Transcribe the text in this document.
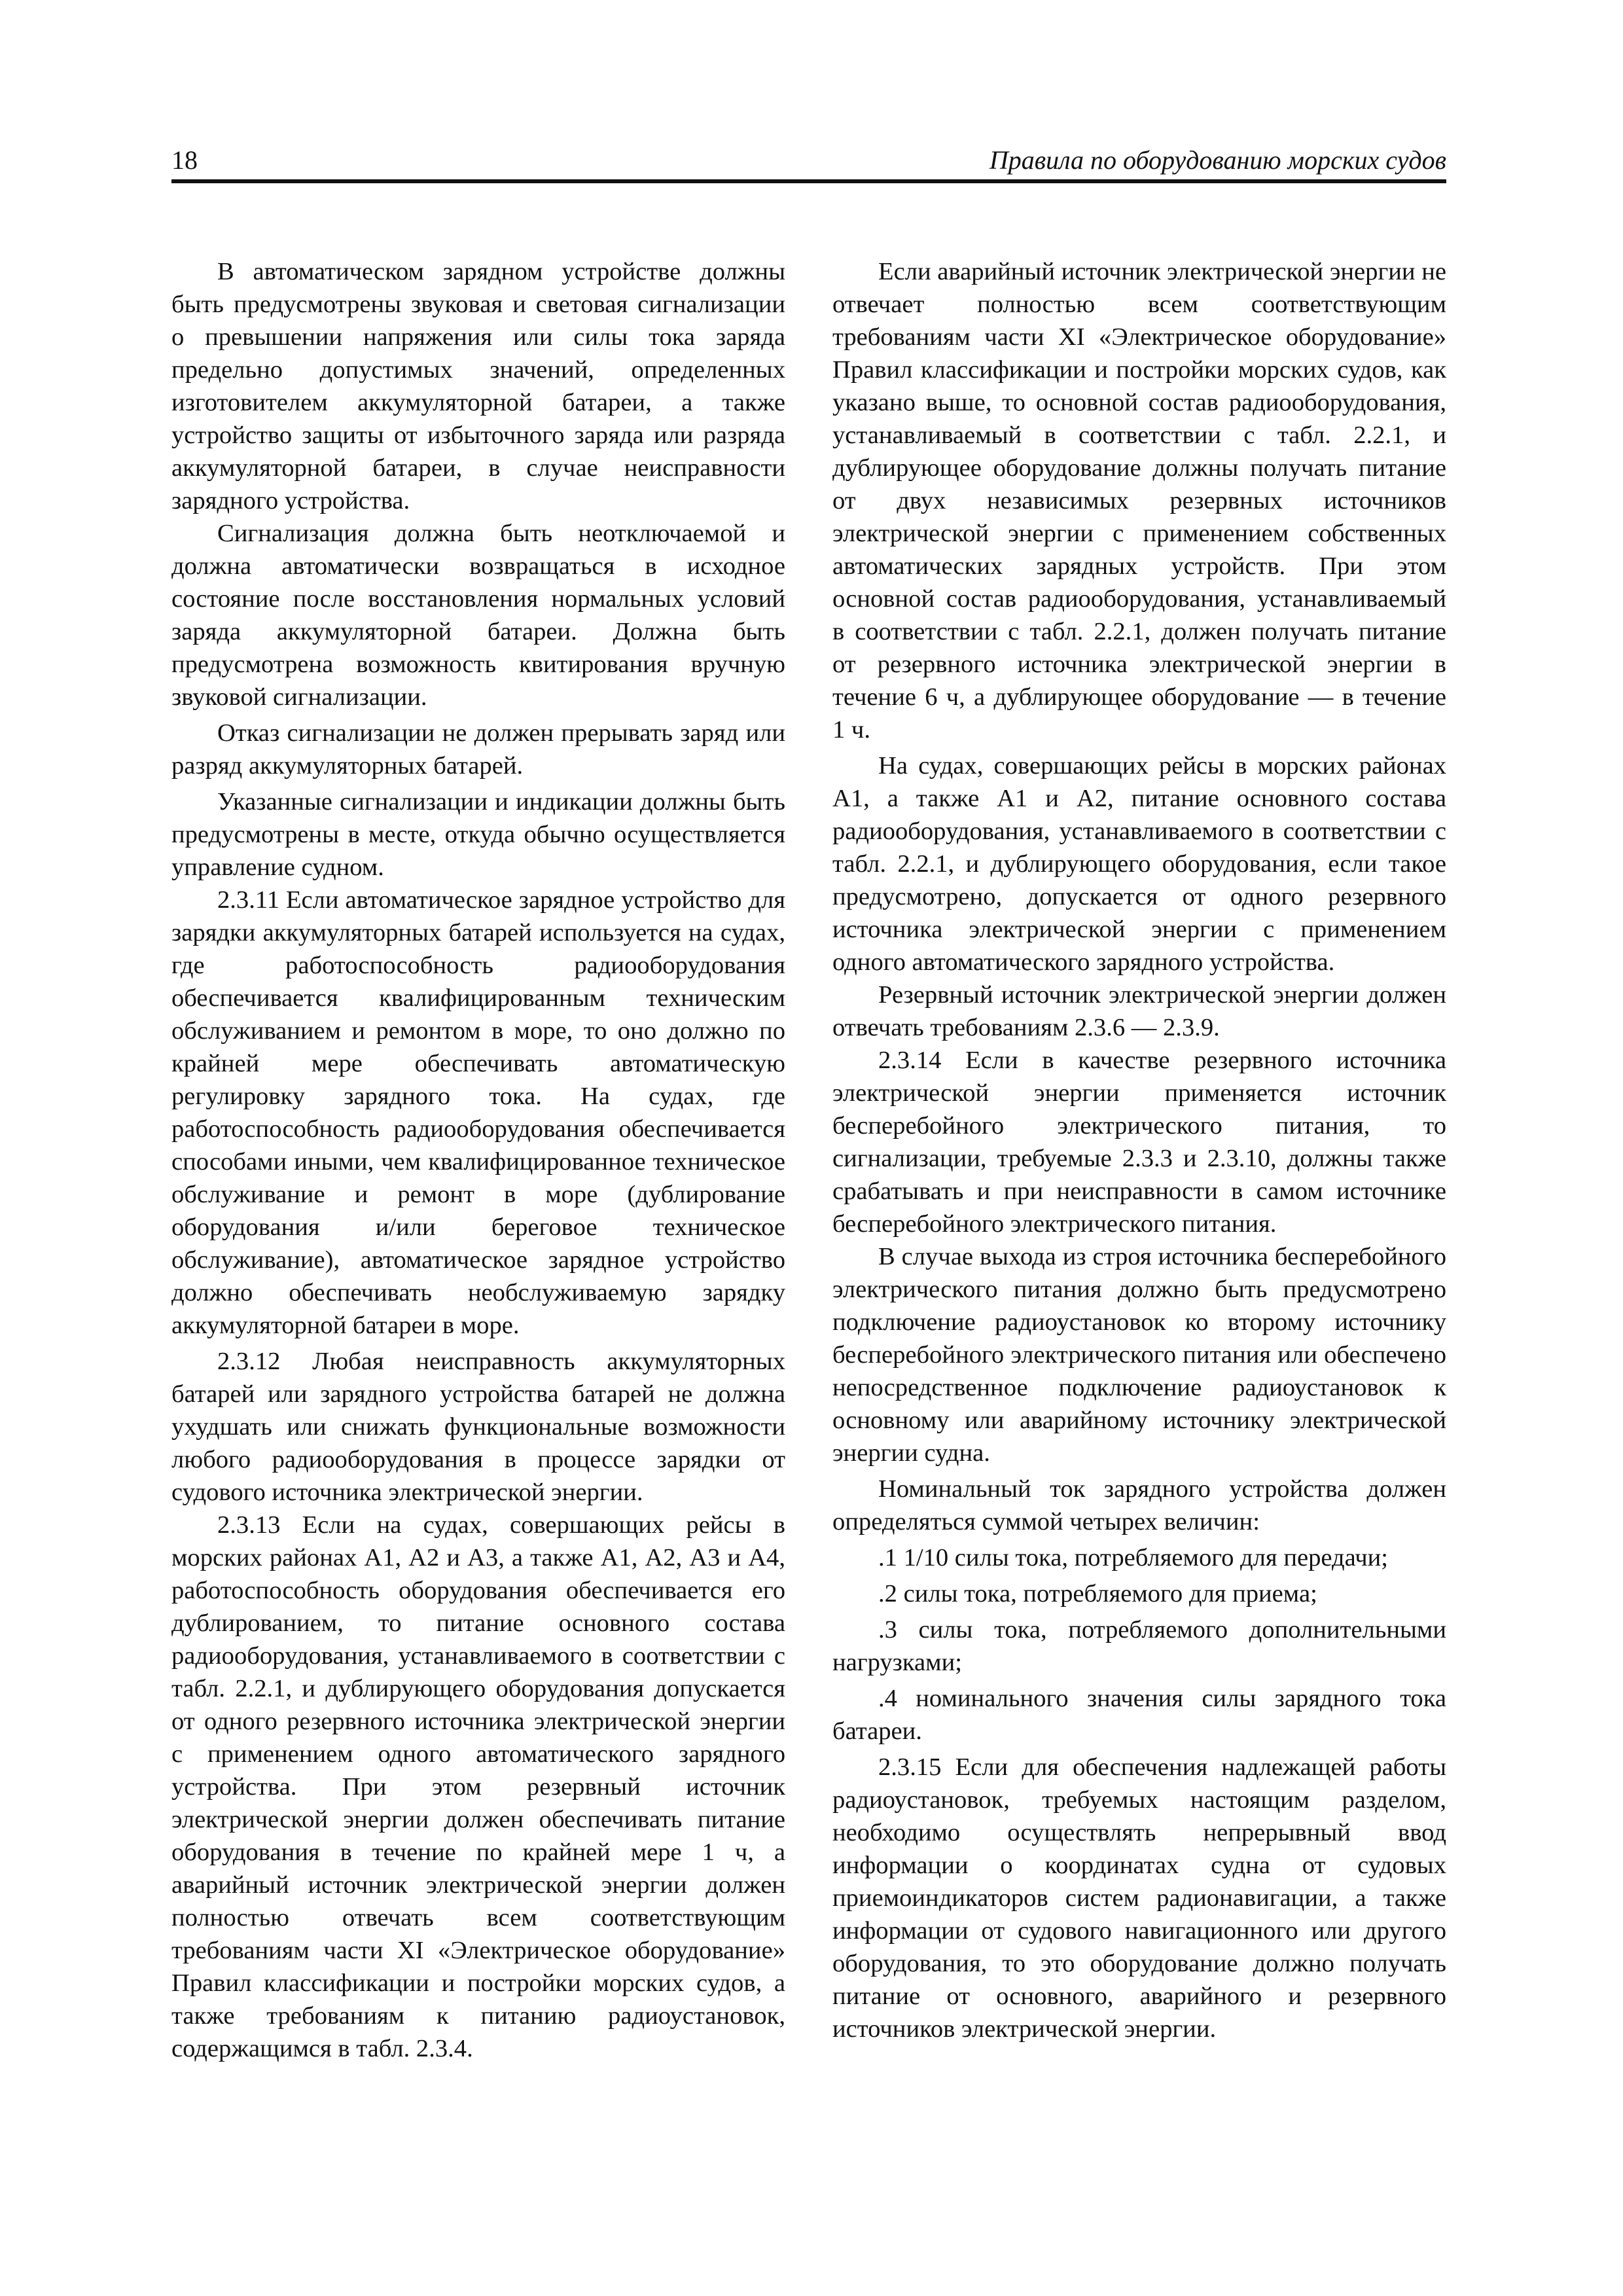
18	Правила по оборудованию морских судов

В автоматическом зарядном устройстве должны быть предусмотрены звуковая и световая сигнализации о превышении напряжения или силы тока заряда предельно допустимых значений, определенных изготовителем аккумуляторной батареи, а также устройство защиты от избыточного заряда или разряда аккумуляторной батареи, в случае неисправности зарядного устройства.

Сигнализация должна быть неотключаемой и должна автоматически возвращаться в исходное состояние после восстановления нормальных условий заряда аккумуляторной батареи. Должна быть предусмотрена возможность квитирования вручную звуковой сигнализации.

Отказ сигнализации не должен прерывать заряд или разряд аккумуляторных батарей.

Указанные сигнализации и индикации должны быть предусмотрены в месте, откуда обычно осуществляется управление судном.

2.3.11 Если автоматическое зарядное устройство для зарядки аккумуляторных батарей используется на судах, где работоспособность радиооборудования обеспечивается квалифицированным техническим обслуживанием и ремонтом в море, то оно должно по крайней мере обеспечивать автоматическую регулировку зарядного тока. На судах, где работоспособность радиооборудования обеспечивается способами иными, чем квалифицированное техническое обслуживание и ремонт в море (дублирование оборудования и/или береговое техническое обслуживание), автоматическое зарядное устройство должно обеспечивать необслуживаемую зарядку аккумуляторной батареи в море.

2.3.12 Любая неисправность аккумуляторных батарей или зарядного устройства батарей не должна ухудшать или снижать функциональные возможности любого радиооборудования в процессе зарядки от судового источника электрической энергии.

2.3.13 Если на судах, совершающих рейсы в морских районах А1, А2 и А3, а также А1, А2, А3 и А4, работоспособность оборудования обеспечивается его дублированием, то питание основного состава радиооборудования, устанавливаемого в соответствии с табл. 2.2.1, и дублирующего оборудования допускается от одного резервного источника электрической энергии с применением одного автоматического зарядного устройства. При этом резервный источник электрической энергии должен обеспечивать питание оборудования в течение по крайней мере 1 ч, а аварийный источник электрической энергии должен полностью отвечать всем соответствующим требованиям части XI «Электрическое оборудование» Правил классификации и постройки морских судов, а также требованиям к питанию радиоустановок, содержащимся в табл. 2.3.4.

Если аварийный источник электрической энергии не отвечает полностью всем соответствующим требованиям части XI «Электрическое оборудование» Правил классификации и постройки морских судов, как указано выше, то основной состав радиооборудования, устанавливаемый в соответствии с табл. 2.2.1, и дублирующее оборудование должны получать питание от двух независимых резервных источников электрической энергии с применением собственных автоматических зарядных устройств. При этом основной состав радиооборудования, устанавливаемый в соответствии с табл. 2.2.1, должен получать питание от резервного источника электрической энергии в течение 6 ч, а дублирующее оборудование — в течение 1 ч.

На судах, совершающих рейсы в морских районах А1, а также А1 и А2, питание основного состава радиооборудования, устанавливаемого в соответствии с табл. 2.2.1, и дублирующего оборудования, если такое предусмотрено, допускается от одного резервного источника электрической энергии с применением одного автоматического зарядного устройства.

Резервный источник электрической энергии должен отвечать требованиям 2.3.6 — 2.3.9.

2.3.14 Если в качестве резервного источника электрической энергии применяется источник бесперебойного электрического питания, то сигнализации, требуемые 2.3.3 и 2.3.10, должны также срабатывать и при неисправности в самом источнике бесперебойного электрического питания.

В случае выхода из строя источника бесперебойного электрического питания должно быть предусмотрено подключение радиоустановок ко второму источнику бесперебойного электрического питания или обеспечено непосредственное подключение радиоустановок к основному или аварийному источнику электрической энергии судна.

Номинальный ток зарядного устройства должен определяться суммой четырех величин:

.1 1/10 силы тока, потребляемого для передачи;

.2 силы тока, потребляемого для приема;

.3 силы тока, потребляемого дополнительными нагрузками;

.4 номинального значения силы зарядного тока батареи.

2.3.15 Если для обеспечения надлежащей работы радиоустановок, требуемых настоящим разделом, необходимо осуществлять непрерывный ввод информации о координатах судна от судовых приемоиндикаторов систем радионавигации, а также информации от судового навигационного или другого оборудования, то это оборудование должно получать питание от основного, аварийного и резервного источников электрической энергии.
